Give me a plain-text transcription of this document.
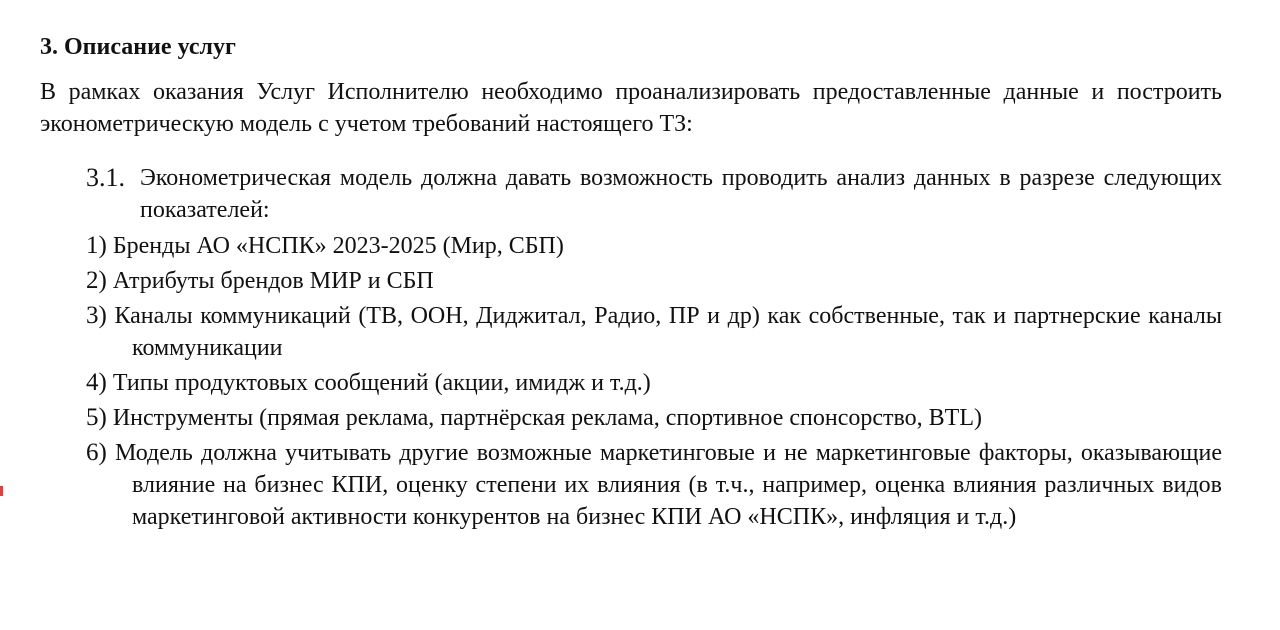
3. Описание услуг

В рамках оказания Услуг Исполнителю необходимо проанализировать предоставленные данные и построить эконометрическую модель с учетом требований настоящего ТЗ:

3.1. Эконометрическая модель должна давать возможность проводить анализ данных в разрезе следующих показателей:
1) Бренды АО «НСПК» 2023-2025 (Мир, СБП)
2) Атрибуты брендов МИР и СБП
3) Каналы коммуникаций (ТВ, ООН, Диджитал, Радио, ПР и др) как собственные, так и партнерские каналы коммуникации
4) Типы продуктовых сообщений (акции, имидж и т.д.)
5) Инструменты (прямая реклама, партнёрская реклама, спортивное спонсорство, BTL)
6) Модель должна учитывать другие возможные маркетинговые и не маркетинговые факторы, оказывающие влияние на бизнес КПИ, оценку степени их влияния (в т.ч., например, оценка влияния различных видов маркетинговой активности конкурентов на бизнес КПИ АО «НСПК», инфляция и т.д.)
